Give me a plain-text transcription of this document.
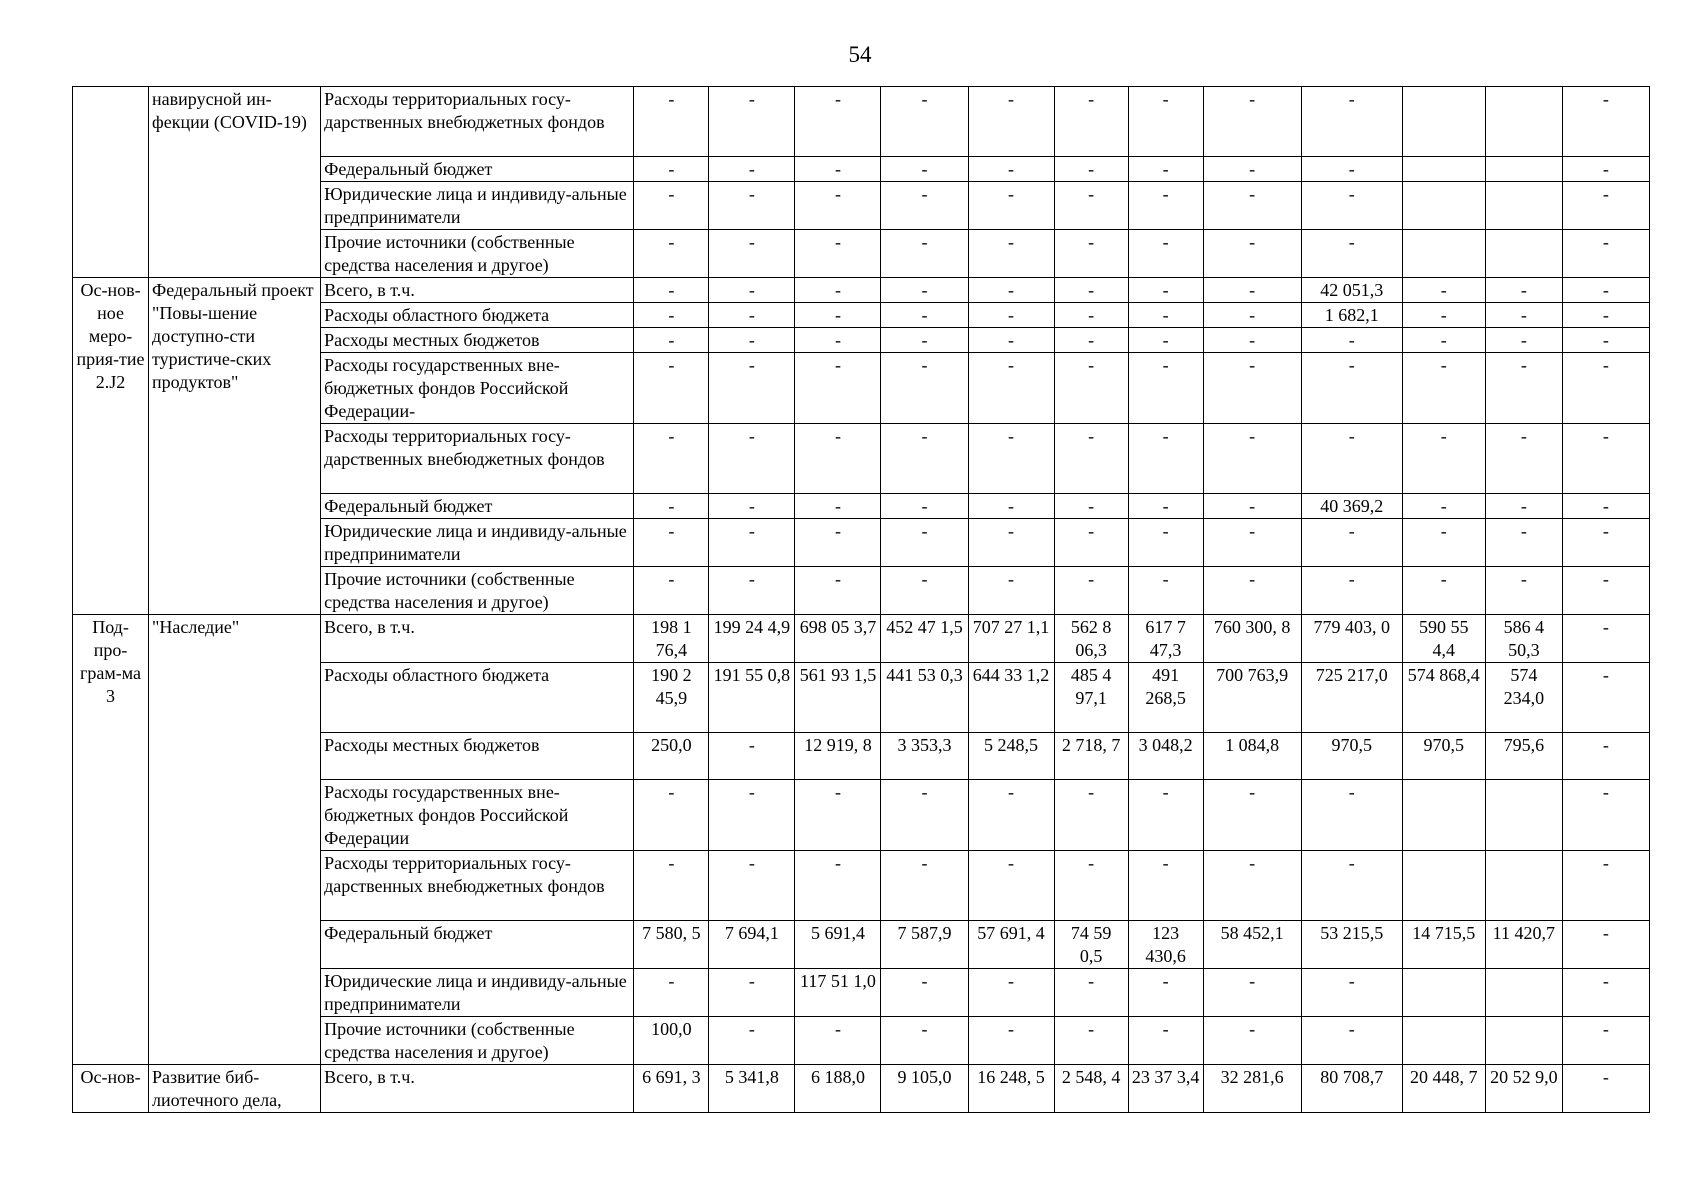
54
	навирусной ин-фекции (COVID-19)	Расходы территориальных госу-дарственных внебюджетных фондов	-	-	-	-	-	-	-	-	-			-
		Федеральный бюджет	-	-	-	-	-	-	-	-	-			-
		Юридические лица и индивиду-альные предприниматели	-	-	-	-	-	-	-	-	-			-
		Прочие источники (собственные средства населения и другое)	-	-	-	-	-	-	-	-	-			-
Ос-нов-ное меро-прия-тие 2.J2	Федеральный проект "Повы-шение доступно-сти туристиче-ских продуктов"	Всего, в т.ч.	-	-	-	-	-	-	-	-	42 051,3	-	-	-
		Расходы областного бюджета	-	-	-	-	-	-	-	-	1 682,1	-	-	-
		Расходы местных бюджетов	-	-	-	-	-	-	-	-	-	-	-	-
		Расходы государственных вне-бюджетных фондов Российской Федерации-	-	-	-	-	-	-	-	-	-	-	-	-
		Расходы территориальных госу-дарственных внебюджетных фондов	-	-	-	-	-	-	-	-	-	-	-	-
		Федеральный бюджет	-	-	-	-	-	-	-	-	40 369,2	-	-	-
		Юридические лица и индивиду-альные предприниматели	-	-	-	-	-	-	-	-	-	-	-	-
		Прочие источники (собственные средства населения и другое)	-	-	-	-	-	-	-	-	-	-	-	-
Под-про-грам-ма 3	"Наследие"	Всего, в т.ч.	198 1 76,4	199 24 4,9	698 05 3,7	452 47 1,5	707 27 1,1	562 8 06,3	617 7 47,3	760 300, 8	779 403, 0	590 55 4,4	586 4 50,3	-
		Расходы областного бюджета	190 2 45,9	191 55 0,8	561 93 1,5	441 53 0,3	644 33 1,2	485 4 97,1	491 268,5	700 763,9	725 217,0	574 868,4	574 234,0	-
		Расходы местных бюджетов	250,0	-	12 919, 8	3 353,3	5 248,5	2 718, 7	3 048,2	1 084,8	970,5	970,5	795,6	-
		Расходы государственных вне-бюджетных фондов Российской Федерации	-	-	-	-	-	-	-	-	-			-
		Расходы территориальных госу-дарственных внебюджетных фондов	-	-	-	-	-	-	-	-	-			-
		Федеральный бюджет	7 580, 5	7 694,1	5 691,4	7 587,9	57 691, 4	74 59 0,5	123 430,6	58 452,1	53 215,5	14 715,5	11 420,7	-
		Юридические лица и индивиду-альные предприниматели	-	-	117 51 1,0	-	-	-	-	-	-			-
		Прочие источники (собственные средства населения и другое)	100,0	-	-	-	-	-	-	-	-			-
Ос-нов-	Развитие биб-лиотечного дела,	Всего, в т.ч.	6 691, 3	5 341,8	6 188,0	9 105,0	16 248, 5	2 548, 4	23 37 3,4	32 281,6	80 708,7	20 448, 7	20 52 9,0	-
